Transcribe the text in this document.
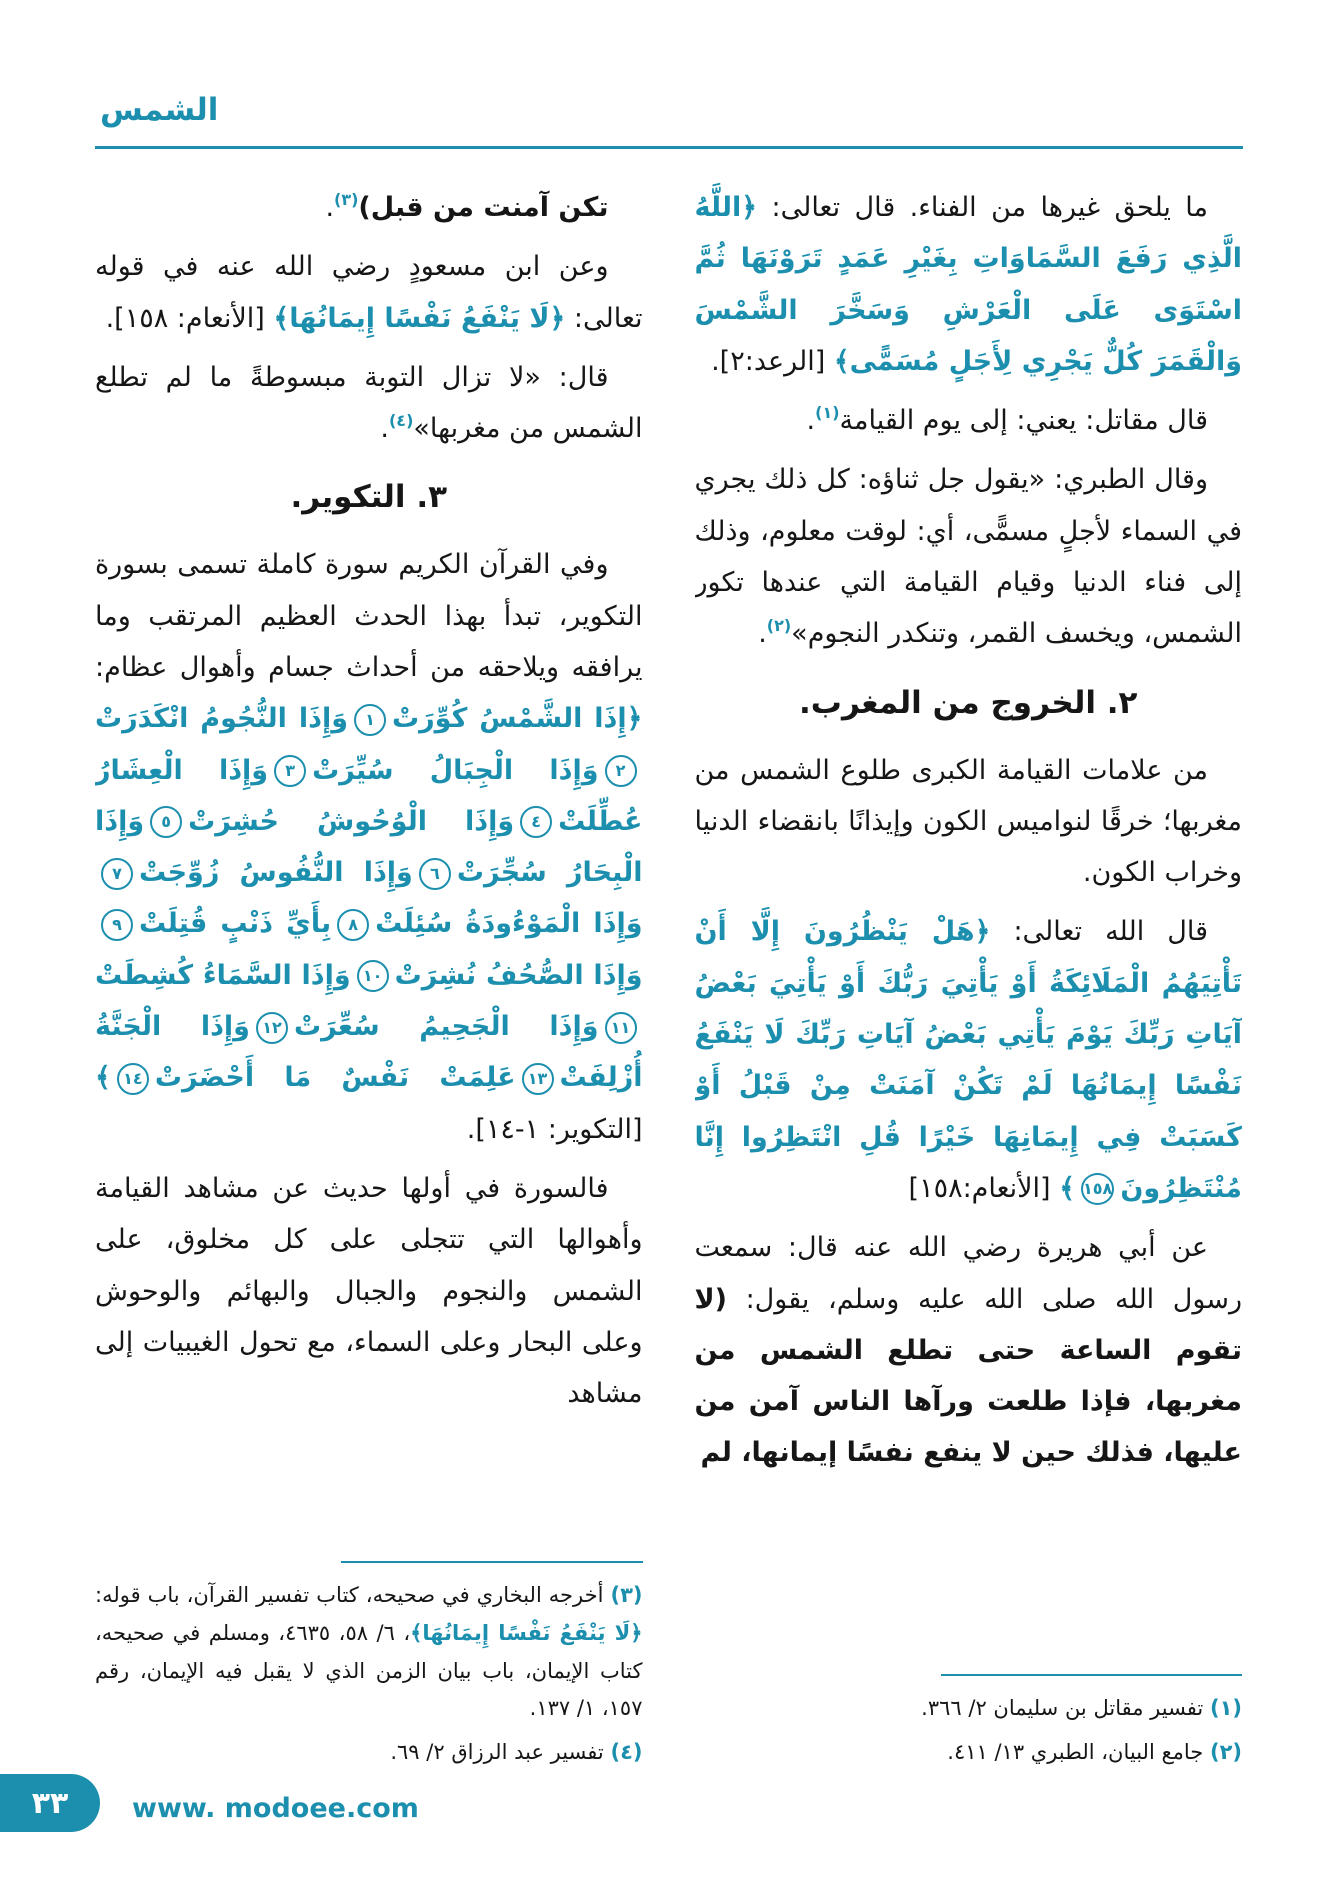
الشمس

ما يلحق غيرها من الفناء. قال تعالى: ﴿اللَّهُ الَّذِي رَفَعَ السَّمَاوَاتِ بِغَيْرِ عَمَدٍ تَرَوْنَهَا ثُمَّ اسْتَوَى عَلَى الْعَرْشِ وَسَخَّرَ الشَّمْسَ وَالْقَمَرَ كُلٌّ يَجْرِي لِأَجَلٍ مُسَمًّى﴾ [الرعد:٢].

قال مقاتل: يعني: إلى يوم القيامة$^{(١)}$.

وقال الطبري: «يقول جل ثناؤه: كل ذلك يجري في السماء لأجلٍ مسمًّى، أي: لوقت معلوم، وذلك إلى فناء الدنيا وقيام القيامة التي عندها تكور الشمس، ويخسف القمر، وتنكدر النجوم»$^{(٢)}$.

٢. الخروج من المغرب.

من علامات القيامة الكبرى طلوع الشمس من مغربها؛ خرقًا لنواميس الكون وإيذانًا بانقضاء الدنيا وخراب الكون.

قال الله تعالى: ﴿هَلْ يَنْظُرُونَ إِلَّا أَنْ تَأْتِيَهُمُ الْمَلَائِكَةُ أَوْ يَأْتِيَ رَبُّكَ أَوْ يَأْتِيَ بَعْضُ آيَاتِ رَبِّكَ يَوْمَ يَأْتِي بَعْضُ آيَاتِ رَبِّكَ لَا يَنْفَعُ نَفْسًا إِيمَانُهَا لَمْ تَكُنْ آمَنَتْ مِنْ قَبْلُ أَوْ كَسَبَتْ فِي إِيمَانِهَا خَيْرًا قُلِ انْتَظِرُوا إِنَّا مُنْتَظِرُونَ١٥٨﴾ [الأنعام:١٥٨]

عن أبي هريرة رضي الله عنه قال: سمعت رسول الله صلى الله عليه وسلم، يقول: (لا تقوم الساعة حتى تطلع الشمس من مغربها، فإذا طلعت ورآها الناس آمن من عليها، فذلك حين لا ينفع نفسًا إيمانها، لم

(١) تفسير مقاتل بن سليمان ٢/ ٣٦٦.

(٢) جامع البيان، الطبري ١٣/ ٤١١.

تكن آمنت من قبل)$^{(٣)}$.

وعن ابن مسعودٍ رضي الله عنه في قوله تعالى: ﴿لَا يَنْفَعُ نَفْسًا إِيمَانُهَا﴾ [الأنعام: ١٥٨].

قال: «لا تزال التوبة مبسوطةً ما لم تطلع الشمس من مغربها»$^{(٤)}$.

٣. التكوير.

وفي القرآن الكريم سورة كاملة تسمى بسورة التكوير، تبدأ بهذا الحدث العظيم المرتقب وما يرافقه ويلاحقه من أحداث جسام وأهوال عظام: ﴿إِذَا الشَّمْسُ كُوِّرَتْ١وَإِذَا النُّجُومُ انْكَدَرَتْ٢وَإِذَا الْجِبَالُ سُيِّرَتْ٣وَإِذَا الْعِشَارُ عُطِّلَتْ٤وَإِذَا الْوُحُوشُ حُشِرَتْ٥وَإِذَا الْبِحَارُ سُجِّرَتْ٦وَإِذَا النُّفُوسُ زُوِّجَتْ٧وَإِذَا الْمَوْءُودَةُ سُئِلَتْ٨بِأَيِّ ذَنْبٍ قُتِلَتْ٩وَإِذَا الصُّحُفُ نُشِرَتْ١٠وَإِذَا السَّمَاءُ كُشِطَتْ١١وَإِذَا الْجَحِيمُ سُعِّرَتْ١٢وَإِذَا الْجَنَّةُ أُزْلِفَتْ١٣عَلِمَتْ نَفْسٌ مَا أَحْضَرَتْ١٤﴾ [التكوير: ١-١٤].

فالسورة في أولها حديث عن مشاهد القيامة وأهوالها التي تتجلى على كل مخلوق، على الشمس والنجوم والجبال والبهائم والوحوش وعلى البحار وعلى السماء، مع تحول الغيبيات إلى مشاهد

(٣) أخرجه البخاري في صحيحه، كتاب تفسير القرآن، باب قوله: ﴿لَا يَنْفَعُ نَفْسًا إِيمَانُهَا﴾، ٦/ ٥٨، ٤٦٣٥، ومسلم في صحيحه، كتاب الإيمان، باب بيان الزمن الذي لا يقبل فيه الإيمان، رقم ١٥٧، ١/ ١٣٧.

(٤) تفسير عبد الرزاق ٢/ ٦٩.

٣٣	www. modoee.com
